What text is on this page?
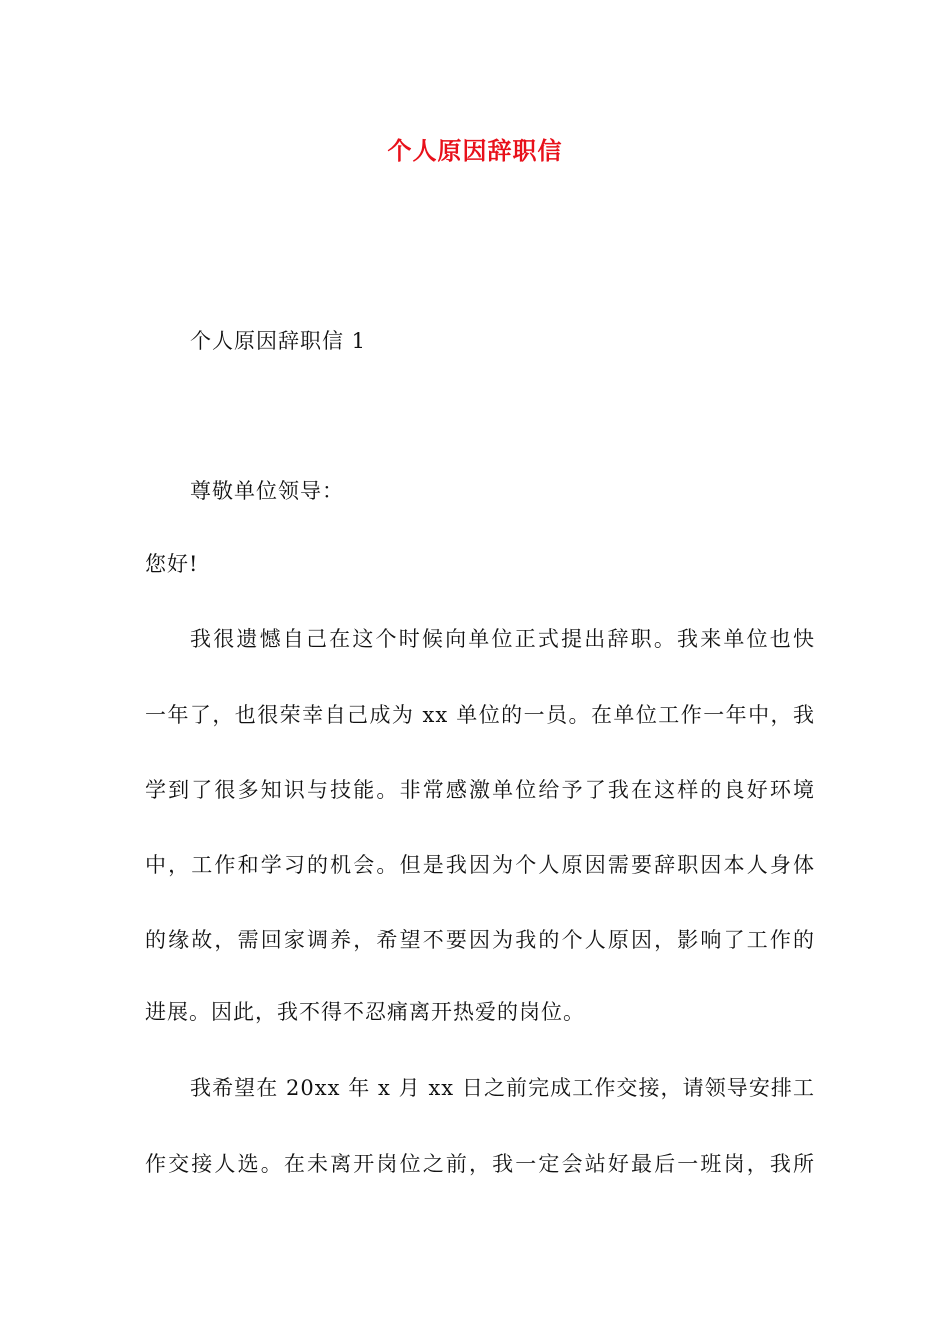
个人原因辞职信
个人原因辞职信 1
尊敬单位领导：
您好!
我很遗憾自己在这个时候向单位正式提出辞职。我来单位也快
一年了，也很荣幸自己成为 xx 单位的一员。在单位工作一年中，我
学到了很多知识与技能。非常感激单位给予了我在这样的良好环境
中，工作和学习的机会。但是我因为个人原因需要辞职因本人身体
的缘故，需回家调养，希望不要因为我的个人原因，影响了工作的
进展。因此，我不得不忍痛离开热爱的岗位。
我希望在 20xx 年 x 月 xx 日之前完成工作交接，请领导安排工
作交接人选。在未离开岗位之前，我一定会站好最后一班岗，我所
